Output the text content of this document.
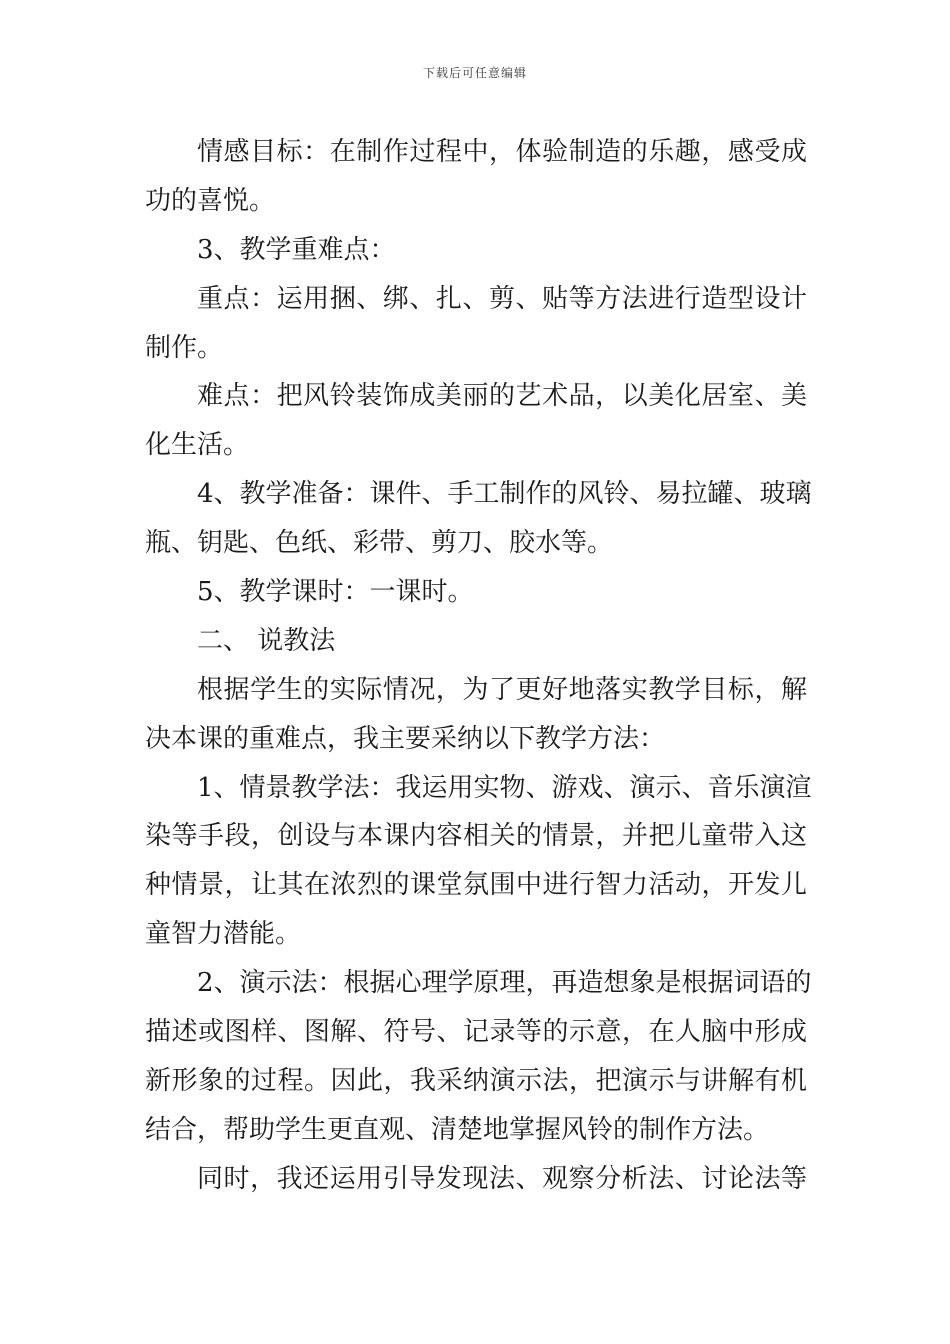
下载后可任意编辑
情感目标：在制作过程中，体验制造的乐趣，感受成
功的喜悦。
3、教学重难点：
重点：运用捆、绑、扎、剪、贴等方法进行造型设计
制作。
难点：把风铃装饰成美丽的艺术品，以美化居室、美
化生活。
4、教学准备：课件、手工制作的风铃、易拉罐、玻璃
瓶、钥匙、色纸、彩带、剪刀、胶水等。
5、教学课时：一课时。
二、 说教法
根据学生的实际情况，为了更好地落实教学目标，解
决本课的重难点，我主要采纳以下教学方法：
1、情景教学法：我运用实物、游戏、演示、音乐演渲
染等手段，创设与本课内容相关的情景，并把儿童带入这
种情景，让其在浓烈的课堂氛围中进行智力活动，开发儿
童智力潜能。
2、演示法：根据心理学原理，再造想象是根据词语的
描述或图样、图解、符号、记录等的示意，在人脑中形成
新形象的过程。因此，我采纳演示法，把演示与讲解有机
结合，帮助学生更直观、清楚地掌握风铃的制作方法。
同时，我还运用引导发现法、观察分析法、讨论法等
